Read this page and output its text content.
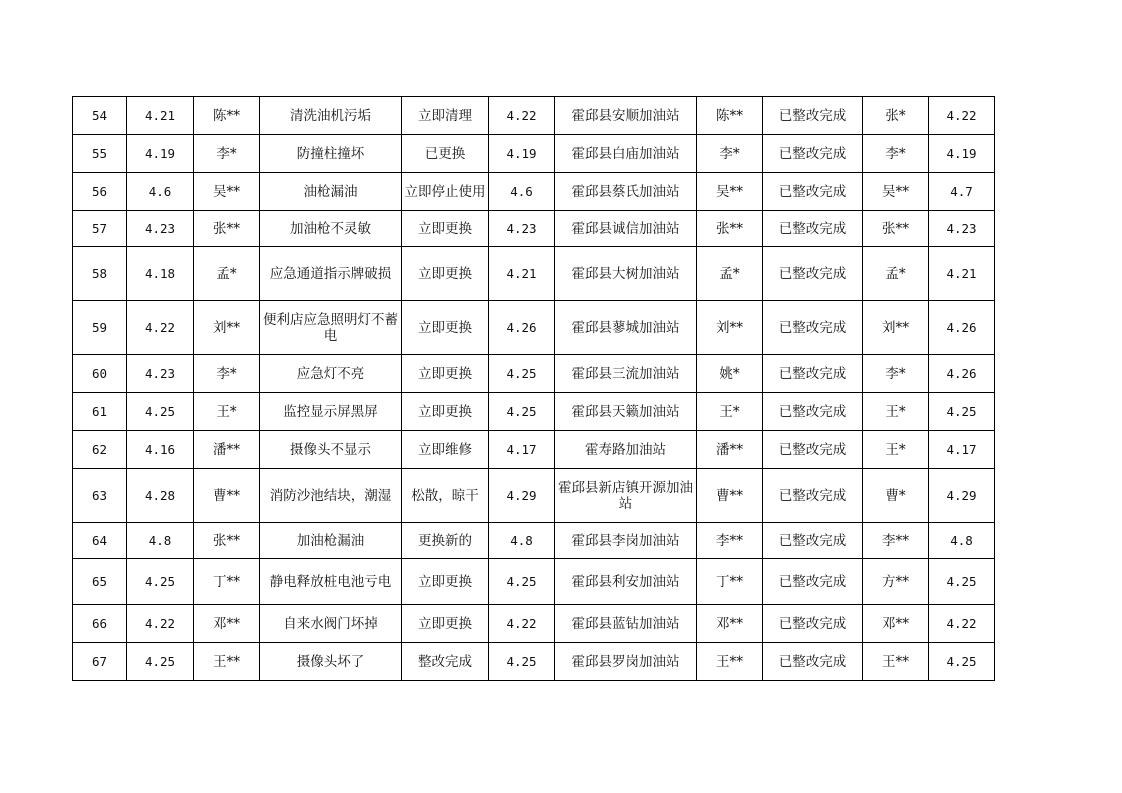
54	4.21	陈**	清洗油机污垢	立即清理	4.22	霍邱县安顺加油站	陈**	已整改完成	张*	4.22
55	4.19	李*	防撞柱撞坏	已更换	4.19	霍邱县白庙加油站	李*	已整改完成	李*	4.19
56	4.6	吴**	油枪漏油	立即停止使用	4.6	霍邱县蔡氏加油站	吴**	已整改完成	吴**	4.7
57	4.23	张**	加油枪不灵敏	立即更换	4.23	霍邱县诚信加油站	张**	已整改完成	张**	4.23
58	4.18	孟*	应急通道指示牌破损	立即更换	4.21	霍邱县大树加油站	孟*	已整改完成	孟*	4.21
59	4.22	刘**	便利店应急照明灯不蓄电	立即更换	4.26	霍邱县蓼城加油站	刘**	已整改完成	刘**	4.26
60	4.23	李*	应急灯不亮	立即更换	4.25	霍邱县三流加油站	姚*	已整改完成	李*	4.26
61	4.25	王*	监控显示屏黑屏	立即更换	4.25	霍邱县天籁加油站	王*	已整改完成	王*	4.25
62	4.16	潘**	摄像头不显示	立即维修	4.17	霍寿路加油站	潘**	已整改完成	王*	4.17
63	4.28	曹**	消防沙池结块，潮湿	松散，晾干	4.29	霍邱县新店镇开源加油站	曹**	已整改完成	曹*	4.29
64	4.8	张**	加油枪漏油	更换新的	4.8	霍邱县李岗加油站	李**	已整改完成	李**	4.8
65	4.25	丁**	静电释放桩电池亏电	立即更换	4.25	霍邱县利安加油站	丁**	已整改完成	方**	4.25
66	4.22	邓**	自来水阀门坏掉	立即更换	4.22	霍邱县蓝钻加油站	邓**	已整改完成	邓**	4.22
67	4.25	王**	摄像头坏了	整改完成	4.25	霍邱县罗岗加油站	王**	已整改完成	王**	4.25
